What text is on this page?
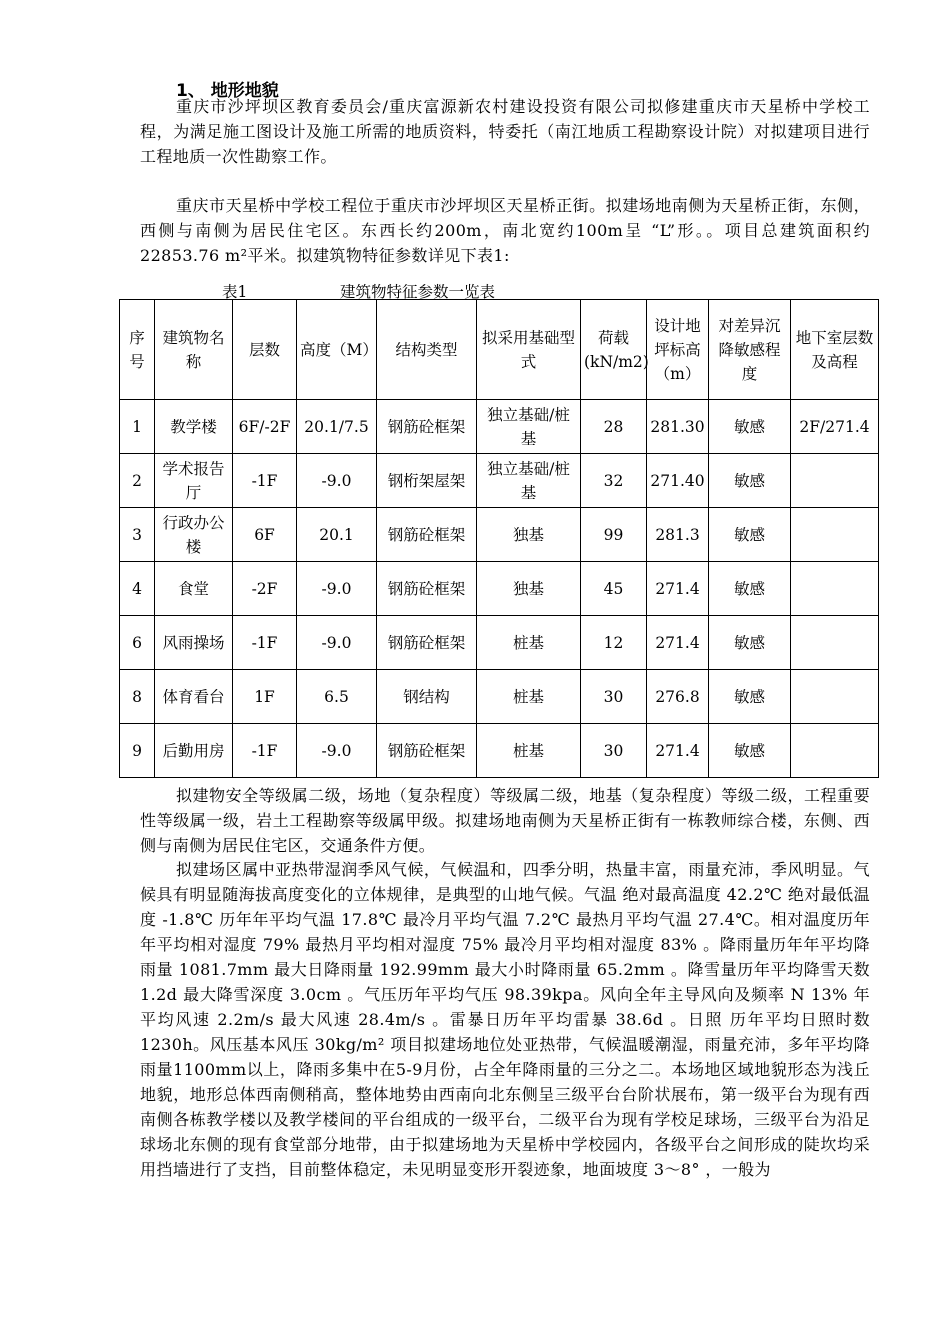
1、 地形地貌

重庆市沙坪坝区教育委员会/重庆富源新农村建设投资有限公司拟修建重庆市天星桥中学校工程，为满足施工图设计及施工所需的地质资料，特委托（南江地质工程勘察设计院）对拟建项目进行工程地质一次性勘察工作。

重庆市天星桥中学校工程位于重庆市沙坪坝区天星桥正街。拟建场地南侧为天星桥正街，东侧，西侧与南侧为居民住宅区。东西长约200m，南北宽约100m呈 “L”形。。项目总建筑面积约22853.76 m²平米。拟建筑物特征参数详见下表1:

表1	建筑物特征参数一览表
序号	建筑物名称	层数	高度（M）	结构类型	拟采用基础型式	荷载(kN/m2)	设计地坪标高（m）	对差异沉降敏感程度	地下室层数及高程
1	教学楼	6F/-2F	20.1/7.5	钢筋砼框架	独立基础/桩基	28	281.30	敏感	2F/271.4
2	学术报告厅	-1F	-9.0	钢桁架屋架	独立基础/桩基	32	271.40	敏感	
3	行政办公楼	6F	20.1	钢筋砼框架	独基	99	281.3	敏感	
4	食堂	-2F	-9.0	钢筋砼框架	独基	45	271.4	敏感	
6	风雨操场	-1F	-9.0	钢筋砼框架	桩基	12	271.4	敏感	
8	体育看台	1F	6.5	钢结构	桩基	30	276.8	敏感	
9	后勤用房	-1F	-9.0	钢筋砼框架	桩基	30	271.4	敏感	

拟建物安全等级属二级，场地（复杂程度）等级属二级，地基（复杂程度）等级二级，工程重要性等级属一级，岩土工程勘察等级属甲级。拟建场地南侧为天星桥正街有一栋教师综合楼，东侧、西侧与南侧为居民住宅区，交通条件方便。

拟建场区属中亚热带湿润季风气候，气候温和，四季分明，热量丰富，雨量充沛，季风明显。气候具有明显随海拔高度变化的立体规律，是典型的山地气候。气温 绝对最高温度 42.2℃ 绝对最低温度 -1.8℃ 历年年平均气温 17.8℃ 最冷月平均气温 7.2℃ 最热月平均气温 27.4℃。相对温度历年年平均相对湿度 79% 最热月平均相对湿度 75% 最冷月平均相对湿度 83% 。降雨量历年年平均降雨量 1081.7mm 最大日降雨量 192.99mm 最大小时降雨量 65.2mm 。降雪量历年平均降雪天数 1.2d 最大降雪深度 3.0cm 。气压历年平均气压 98.39kpa。风向全年主导风向及频率 N 13% 年平均风速 2.2m/s 最大风速 28.4m/s 。雷暴日历年平均雷暴 38.6d 。日照 历年平均日照时数 1230h。风压基本风压 30kg/m² 项目拟建场地位处亚热带，气候温暖潮湿，雨量充沛，多年平均降雨量1100mm以上，降雨多集中在5-9月份，占全年降雨量的三分之二。本场地区域地貌形态为浅丘地貌，地形总体西南侧稍高，整体地势由西南向北东侧呈三级平台台阶状展布，第一级平台为现有西南侧各栋教学楼以及教学楼间的平台组成的一级平台，二级平台为现有学校足球场，三级平台为沿足球场北东侧的现有食堂部分地带，由于拟建场地为天星桥中学校园内，各级平台之间形成的陡坎均采用挡墙进行了支挡，目前整体稳定，未见明显变形开裂迹象，地面坡度 3～8° ，一般为
